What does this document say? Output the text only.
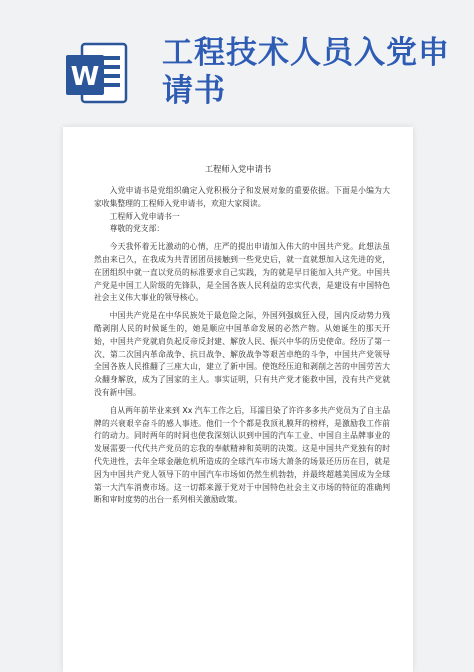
W
工程技术人员入党申请书
工程师入党申请书

入党申请书是党组织确定入党积极分子和发展对象的重要依据。下面是小编为大家收集整理的工程师入党申请书，欢迎大家阅读。

工程师入党申请书一

尊敬的党支部：

今天我怀着无比激动的心情，庄严的提出申请加入伟大的中国共产党。此想法虽然由来已久，在我成为共青团团员接触到一些党史后，就一直就想加入这先进的党，在团组织中就一直以党员的标准要求自己实践，为的就是早日能加入共产党。中国共产党是中国工人阶级的先锋队，是全国各族人民利益的忠实代表，是建设有中国特色社会主义伟大事业的领导核心。

中国共产党是在中华民族处于最危险之际，外国列强疯狂入侵，国内反动势力残酷剥削人民的时候诞生的，她是顺应中国革命发展的必然产物。从她诞生的那天开始，中国共产党就肩负起反帝反封建、解放人民、振兴中华的历史使命。经历了第一次、第二次国内革命战争、抗日战争、解放战争等艰苦卓绝的斗争，中国共产党领导全国各族人民推翻了三座大山，建立了新中国。使饱经压迫和剥削之苦的中国劳苦大众翻身解放，成为了国家的主人。事实证明，只有共产党才能救中国，没有共产党就没有新中国。

自从两年前毕业来到 Xx 汽车工作之后，耳濡目染了许许多多共产党员为了自主品牌的兴衰艰辛奋斗的感人事迹。他们一个个都是我顶礼膜拜的榜样，是激励我工作前行的动力。同时两年的时间也使我深刻认识到中国的汽车工业、中国自主品牌事业的发展需要一代代共产党员的忘我的奉献精神和英明的决策。这是中国共产党独有的时代先进性，去年全球金融危机所造成的全球汽车市场大萧条的场景还历历在目，就是因为中国共产党人领导下的中国汽车市场如仍然生机勃勃，并最终超越美国成为全球第一大汽车消费市场。这一切都来源于党对于中国特色社会主义市场的特征的准确判断和审时度势的出台一系列相关激励政策。
